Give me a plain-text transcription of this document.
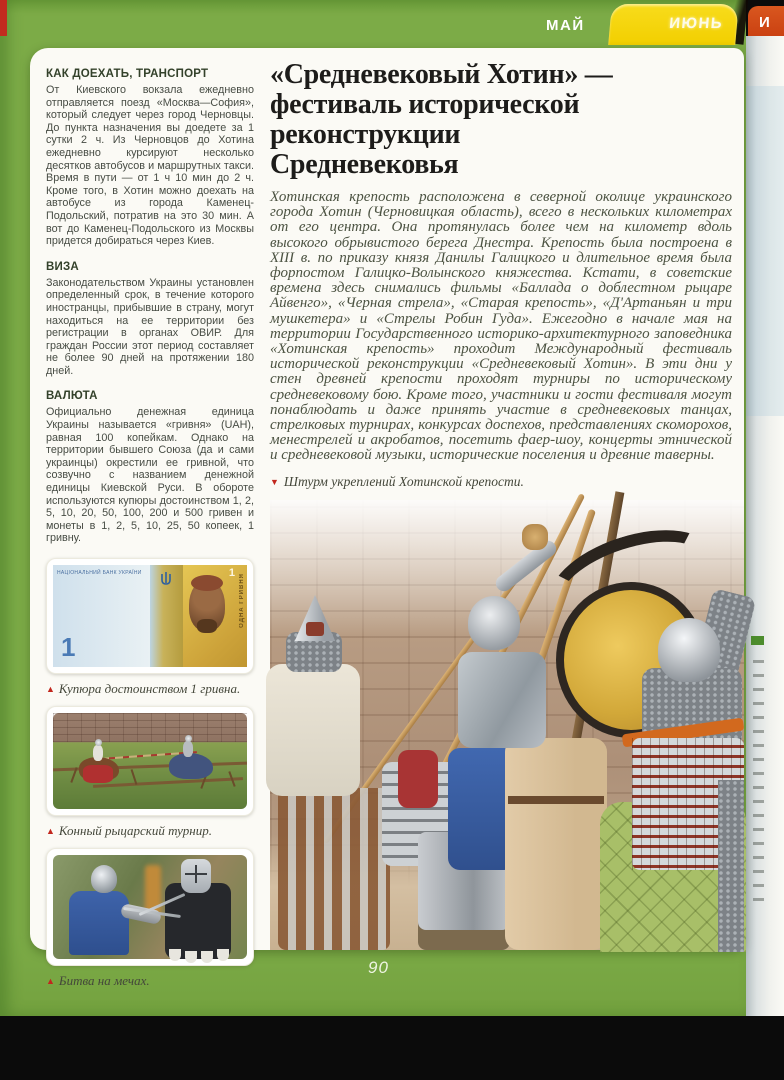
МАЙ	ИЮНЬ И
КАК ДОЕХАТЬ, ТРАНСПОРТ
От Киевского вокзала ежедневно отправляется поезд «Москва—София», который следует через город Черновцы. До пункта назначения вы доедете за 1 сутки 2 ч. Из Черновцов до Хотина ежедневно курсируют несколько десятков автобусов и маршрутных такси. Время в пути — от 1 ч 10 мин до 2 ч. Кроме того, в Хотин можно доехать на автобусе из города Каменец-Подольский, потратив на это 30 мин. А вот до Каменец-Подольского из Москвы придется добираться через Киев.
ВИЗА
Законодательством Украины установлен определенный срок, в течение которого иностранцы, прибывшие в страну, могут находиться на ее территории без регистрации в органах ОВИР. Для граждан России этот период составляет не более 90 дней на протяжении 180 дней.
ВАЛЮТА
Официально денежная единица Украины называется «гривня» (UAH), равная 100 копейкам. Однако на территории бывшего Союза (да и сами украинцы) окрестили ее гривной, что созвучно с названием денежной единицы Киевской Руси. В обороте используются купюры достоинством 1, 2, 5, 10, 20, 50, 100, 200 и 500 гривен и монеты в 1, 2, 5, 10, 25, 50 копеек, 1 гривну.
НАЦІОНАЛЬНИЙ БАНК УКРАЇНИ
1
1 ОДНА ГРИВНЯ
▲ Купюра достоинством 1 гривна.
▲ Конный рыцарский турнир.
▲ Битва на мечах.
«Средневековый Хотин» —
фестиваль исторической
реконструкции
Средневековья
Хотинская крепость расположена в северной околице украинского города Хотин (Черновицкая область), всего в нескольких километрах от его центра. Она протянулась более чем на километр вдоль высокого обрывистого берега Днестра. Крепость была построена в XIII в. по приказу князя Данилы Галицкого и длительное время была форпостом Галицко-Волынского княжества. Кстати, в советские времена здесь снимались фильмы «Баллада о доблестном рыцаре Айвенго», «Черная стрела», «Старая крепость», «Д'Артаньян и три мушкетера» и «Стрелы Робин Гуда». Ежегодно в начале мая на территории Государственного историко-архитектурного заповедника «Хотинская крепость» проходит Международный фестиваль исторической реконструкции «Средневековый Хотин». В эти дни у стен древней крепости проходят турниры по историческому средневековому бою. Кроме того, участники и гости фестиваля могут понаблюдать и даже принять участие в средневековых танцах, стрелковых турнирах, конкурсах доспехов, представлениях скоморохов, менестрелей и акробатов, посетить фаер-шоу, концерты этнической и средневековой музыки, исторические поселения и древние таверны.
▼ Штурм укреплений Хотинской крепости.
90
